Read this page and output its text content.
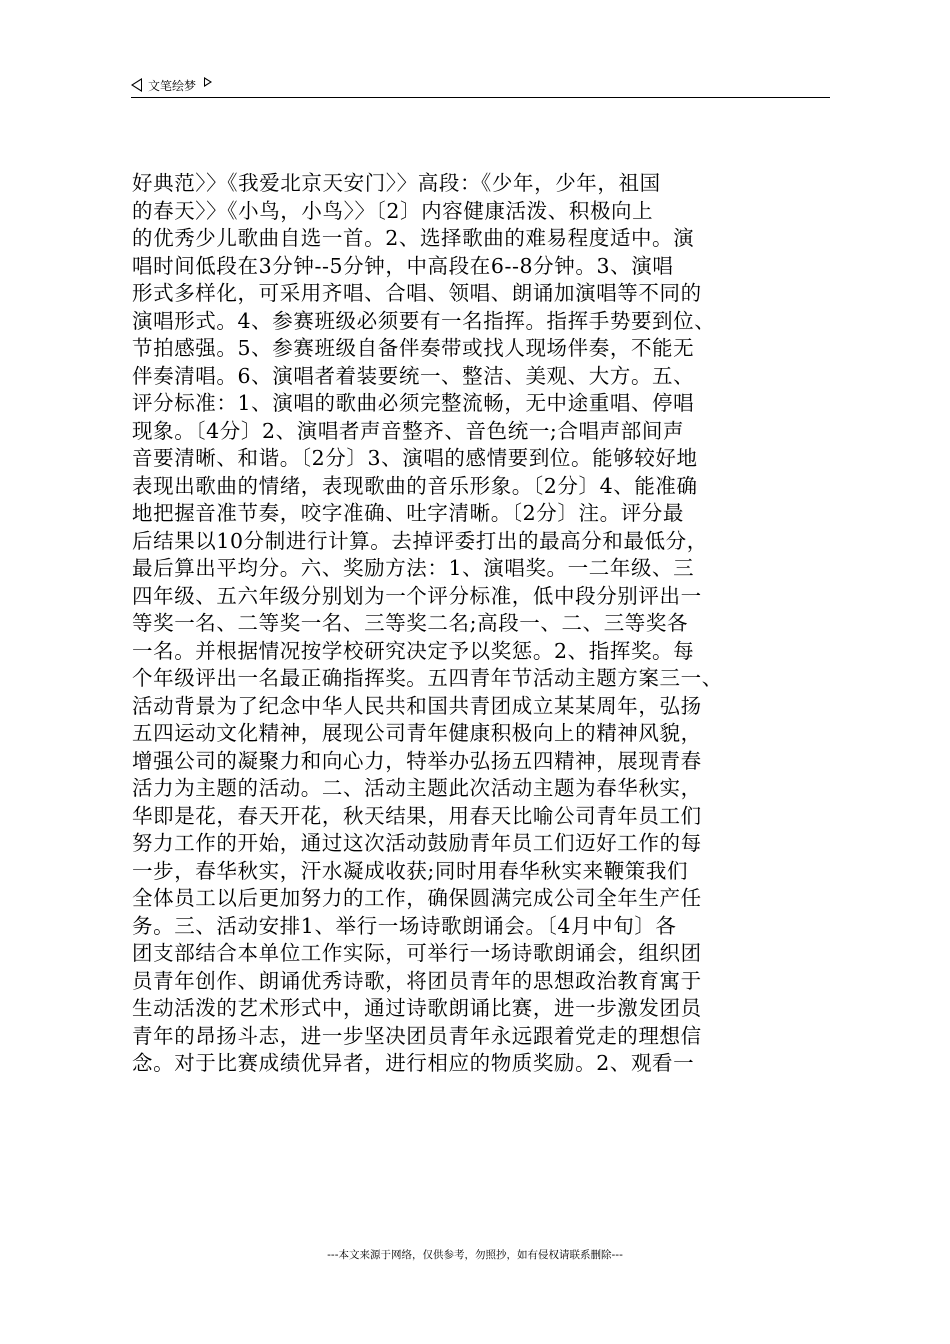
文笔绘梦
好典范〉〉《我爱北京天安门〉〉高段：《少年，少年，祖国
的春天〉〉《小鸟，小鸟〉〉〔2〕内容健康活泼、积极向上
的优秀少儿歌曲自选一首。2、选择歌曲的难易程度适中。演
唱时间低段在3分钟--5分钟，中高段在6--8分钟。3、演唱
形式多样化，可采用齐唱、合唱、领唱、朗诵加演唱等不同的
演唱形式。4、参赛班级必须要有一名指挥。指挥手势要到位、
节拍感强。5、参赛班级自备伴奏带或找人现场伴奏，不能无
伴奏清唱。6、演唱者着装要统一、整洁、美观、大方。五、
评分标准：1、演唱的歌曲必须完整流畅，无中途重唱、停唱
现象。〔4分〕2、演唱者声音整齐、音色统一;合唱声部间声
音要清晰、和谐。〔2分〕3、演唱的感情要到位。能够较好地
表现出歌曲的情绪，表现歌曲的音乐形象。〔2分〕4、能准确
地把握音准节奏，咬字准确、吐字清晰。〔2分〕注。评分最
后结果以10分制进行计算。去掉评委打出的最高分和最低分，
最后算出平均分。六、奖励方法：1、演唱奖。一二年级、三
四年级、五六年级分别划为一个评分标准，低中段分别评出一
等奖一名、二等奖一名、三等奖二名;高段一、二、三等奖各
一名。并根据情况按学校研究决定予以奖惩。2、指挥奖。每
个年级评出一名最正确指挥奖。五四青年节活动主题方案三一、
活动背景为了纪念中华人民共和国共青团成立某某周年，弘扬
五四运动文化精神，展现公司青年健康积极向上的精神风貌，
增强公司的凝聚力和向心力，特举办弘扬五四精神，展现青春
活力为主题的活动。二、活动主题此次活动主题为春华秋实，
华即是花，春天开花，秋天结果，用春天比喻公司青年员工们
努力工作的开始，通过这次活动鼓励青年员工们迈好工作的每
一步，春华秋实，汗水凝成收获;同时用春华秋实来鞭策我们
全体员工以后更加努力的工作，确保圆满完成公司全年生产任
务。三、活动安排1、举行一场诗歌朗诵会。〔4月中旬〕各
团支部结合本单位工作实际，可举行一场诗歌朗诵会，组织团
员青年创作、朗诵优秀诗歌，将团员青年的思想政治教育寓于
生动活泼的艺术形式中，通过诗歌朗诵比赛，进一步激发团员
青年的昂扬斗志，进一步坚决团员青年永远跟着党走的理想信
念。对于比赛成绩优异者，进行相应的物质奖励。2、观看一
---本文来源于网络，仅供参考，勿照抄，如有侵权请联系删除---
